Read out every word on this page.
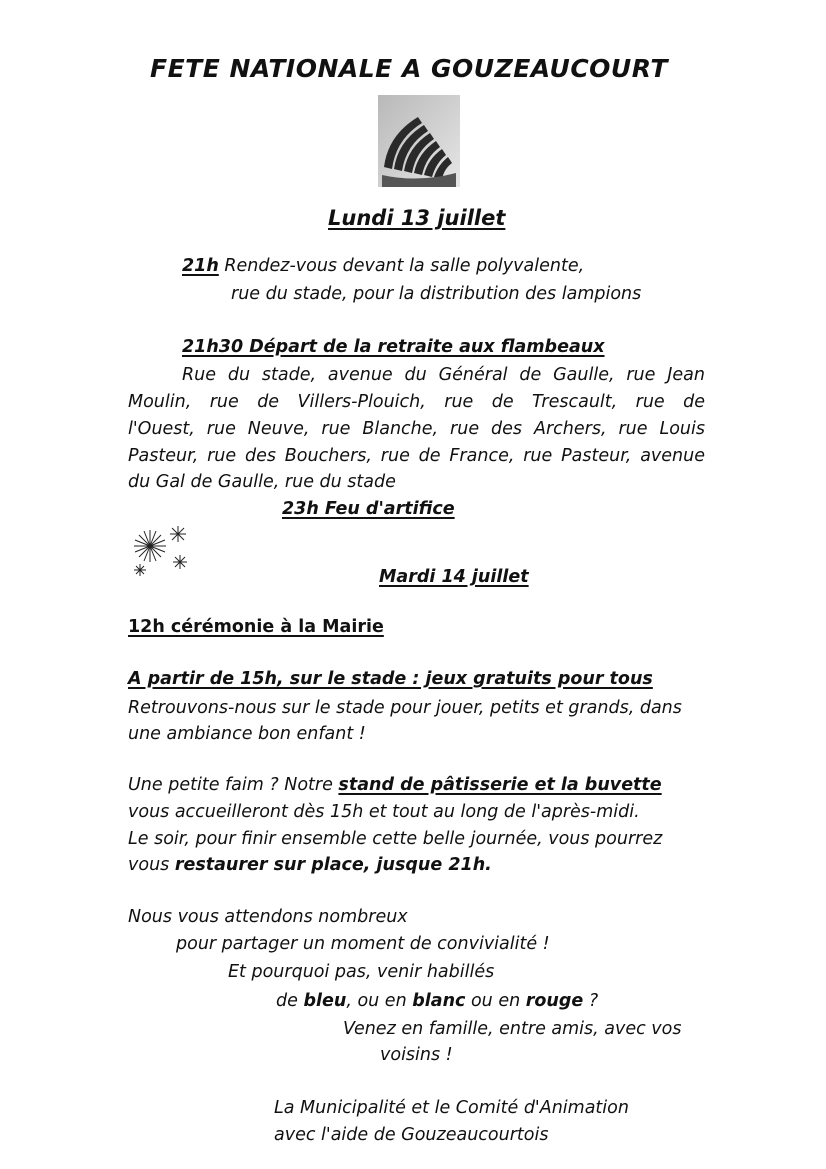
FETE NATIONALE A GOUZEAUCOURT
Lundi 13 juillet
21h Rendez-vous devant la salle polyvalente,
rue du stade, pour la distribution des lampions
21h30 Départ de la retraite aux flambeaux
Rue du stade, avenue du Général de Gaulle, rue Jean
Moulin, rue de Villers-Plouich, rue de Trescault, rue de
l'Ouest, rue Neuve, rue Blanche, rue des Archers, rue Louis
Pasteur, rue des Bouchers, rue de France, rue Pasteur, avenue
du Gal de Gaulle, rue du stade
23h Feu d'artifice
Mardi 14 juillet
12h cérémonie à la Mairie
A partir de 15h, sur le stade : jeux gratuits pour tous
Retrouvons-nous sur le stade pour jouer, petits et grands, dans
une ambiance bon enfant !
Une petite faim ? Notre stand de pâtisserie et la buvette
vous accueilleront dès 15h et tout au long de l'après-midi.
Le soir, pour finir ensemble cette belle journée, vous pourrez
vous restaurer sur place, jusque 21h.
Nous vous attendons nombreux
pour partager un moment de convivialité !
Et pourquoi pas, venir habillés
de bleu, ou en blanc ou en rouge ?
Venez en famille, entre amis, avec vos
voisins !
La Municipalité et le Comité d'Animation
avec l'aide de Gouzeaucourtois
